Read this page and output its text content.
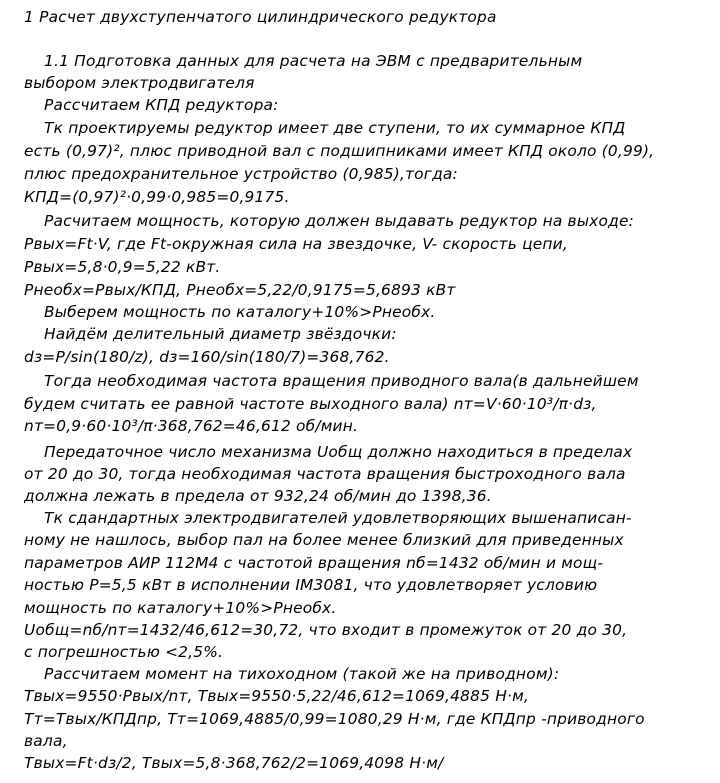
1 Расчет двухступенчатого цилиндрического редуктора
1.1 Подготовка данных для расчета на ЭВМ с предварительным
выбором электродвигателя
Рассчитаем КПД редуктора:
Тк проектируемы редуктор имеет две ступени, то их суммарное КПД
есть (0,97)², плюс приводной вал с подшипниками имеет КПД около (0,99),
плюс предохранительное устройство (0,985),тогда:
КПД=(0,97)²·0,99·0,985=0,9175.
Расчитаем мощность, которую должен выдавать редуктор на выходе:
Pвых=Ft·V, где Ft-окружная сила на звездочке, V- скорость цепи,
Pвых=5,8·0,9=5,22 кВт.
Pнеобх=Pвых/КПД, Pнеобх=5,22/0,9175=5,6893 кВт
Выберем мощность по каталогу+10%>Pнеобх.
Найдём делительный диаметр звёздочки:
dз=P/sin(180/z), dз=160/sin(180/7)=368,762.
Тогда необходимая частота вращения приводного вала(в дальнейшем
будем считать ее равной частоте выходного вала) nт=V·60·10³/π·dз,
nт=0,9·60·10³/π·368,762=46,612 об/мин.
Передаточное число механизма Uобщ должно находиться в пределах
от 20 до 30, тогда необходимая частота вращения быстроходного вала
должна лежать в предела от 932,24 об/мин до 1398,36.
Тк сдандартных электродвигателей удовлетворяющих вышенаписан-
ному не нашлось, выбор пал на более менее близкий для приведенных
параметров АИР 112М4 с частотой вращения nб=1432 об/мин и мощ-
ностью P=5,5 кВт в исполнении IM3081, что удовлетворяет условию
мощность по каталогу+10%>Pнеобх.
Uобщ=nб/nт=1432/46,612=30,72, что входит в промежуток от 20 до 30,
с погрешностью <2,5%.
Рассчитаем момент на тихоходном (такой же на приводном):
Tвых=9550·Pвых/nт, Tвых=9550·5,22/46,612=1069,4885 Н·м,
Tт=Tвых/КПДпр, Tт=1069,4885/0,99=1080,29 Н·м, где КПДпр -приводного
вала,
Tвых=Ft·dз/2, Tвых=5,8·368,762/2=1069,4098 Н·м/
